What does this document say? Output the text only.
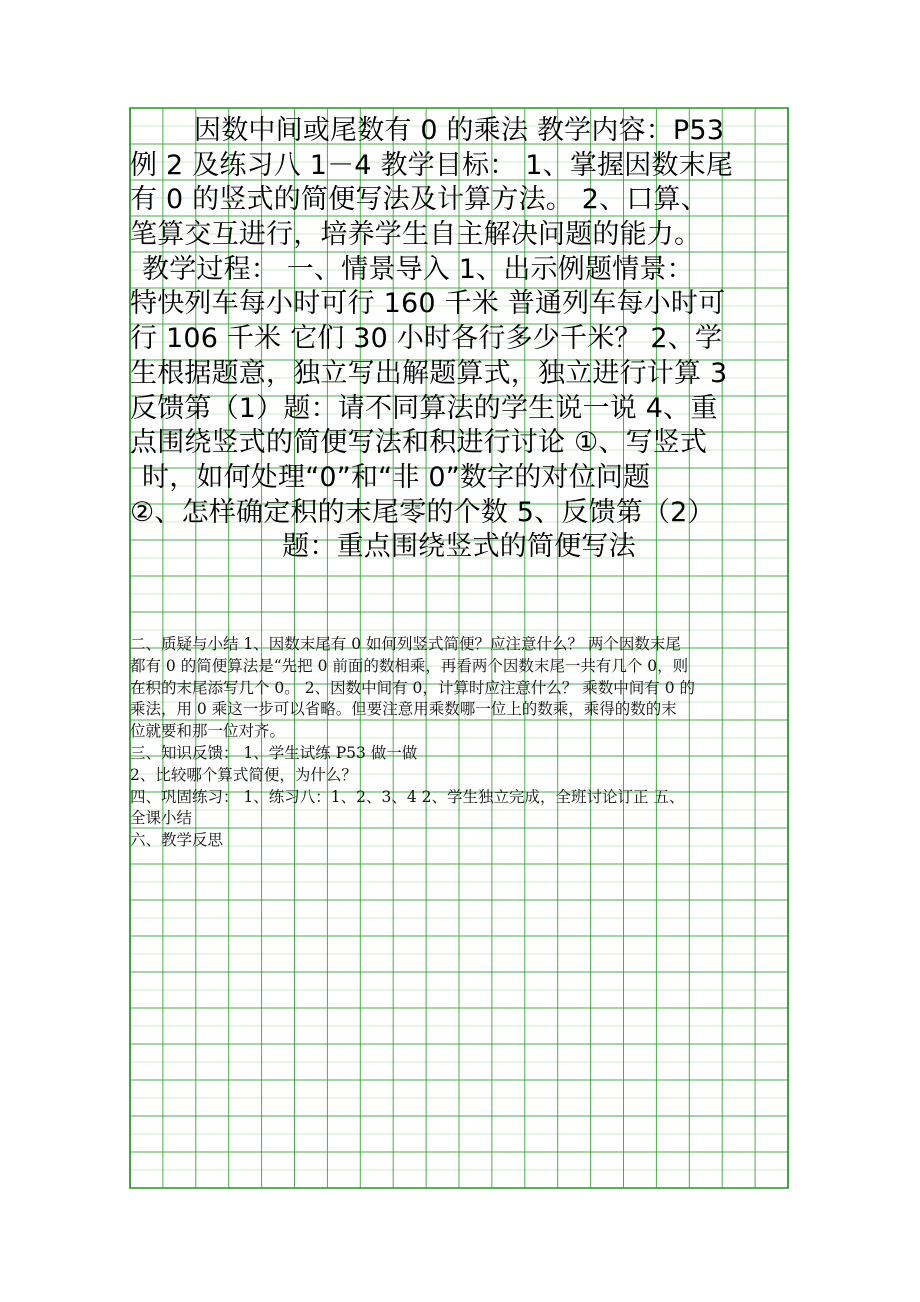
因数中间或尾数有 0 的乘法 教学内容：P53
例 2 及练习八 1－4 教学目标： 1、掌握因数末尾
有 0 的竖式的简便写法及计算方法。 2、口算、
笔算交互进行，培养学生自主解决问题的能力。
教学过程： 一、情景导入 1、出示例题情景：
特快列车每小时可行 160 千米 普通列车每小时可
行 106 千米 它们 30 小时各行多少千米？ 2、学
生根据题意，独立写出解题算式，独立进行计算 3
反馈第（1）题：请不同算法的学生说一说 4、重
点围绕竖式的简便写法和积进行讨论 ①、写竖式
时，如何处理“0”和“非 0”数字的对位问题
②、怎样确定积的末尾零的个数 5、反馈第（2）
题：重点围绕竖式的简便写法
二、质疑与小结 1、因数末尾有 0 如何列竖式简便？应注意什么？ 两个因数末尾
都有 0 的简便算法是“先把 0 前面的数相乘，再看两个因数末尾一共有几个 0，则
在积的末尾添写几个 0。 2、因数中间有 0，计算时应注意什么？ 乘数中间有 0 的
乘法，用 0 乘这一步可以省略。但要注意用乘数哪一位上的数乘，乘得的数的末
位就要和那一位对齐。
三、知识反馈： 1、学生试练 P53 做一做
2、比较哪个算式简便，为什么？
四、巩固练习： 1、练习八：1、2、3、4 2、学生独立完成，全班讨论订正 五、
全课小结
六、教学反思
